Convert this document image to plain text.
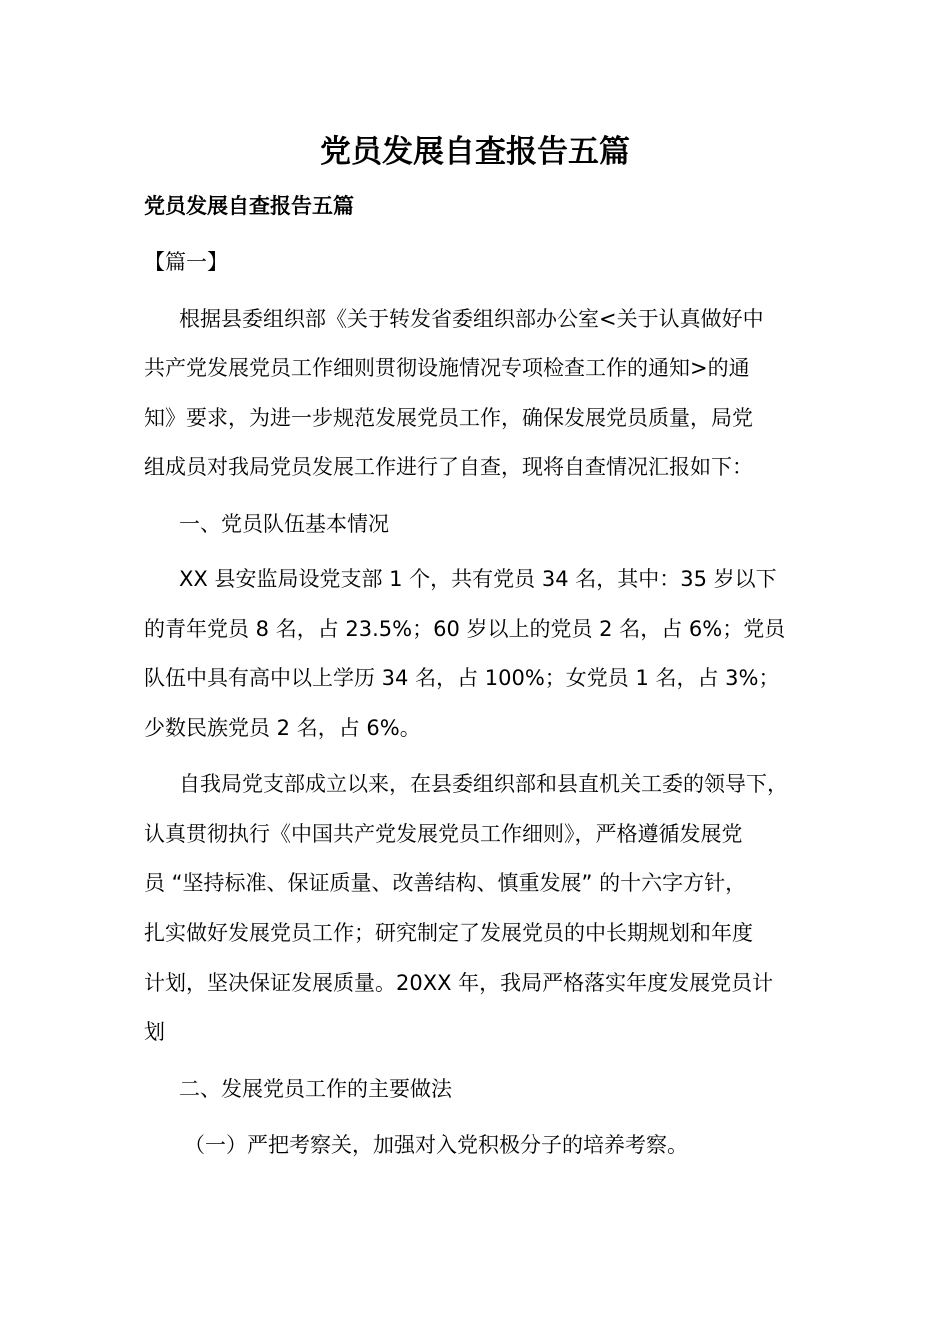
党员发展自查报告五篇
党员发展自查报告五篇
【篇一】

根据县委组织部《关于转发省委组织部办公室<关于认真做好中

共产党发展党员工作细则贯彻设施情况专项检查工作的通知>的通

知》要求，为进一步规范发展党员工作，确保发展党员质量，局党

组成员对我局党员发展工作进行了自查，现将自查情况汇报如下：

一、党员队伍基本情况

XX 县安监局设党支部 1 个，共有党员 34 名，其中：35 岁以下

的青年党员 8 名，占 23.5%；60 岁以上的党员 2 名，占 6%；党员

队伍中具有高中以上学历 34 名，占 100%；女党员 1 名，占 3%；

少数民族党员 2 名，占 6%。

自我局党支部成立以来，在县委组织部和县直机关工委的领导下，

认真贯彻执行《中国共产党发展党员工作细则》，严格遵循发展党

员 “坚持标准、保证质量、改善结构、慎重发展” 的十六字方针，

扎实做好发展党员工作；研究制定了发展党员的中长期规划和年度

计划，坚决保证发展质量。20XX 年，我局严格落实年度发展党员计

划

二、发展党员工作的主要做法

（一）严把考察关，加强对入党积极分子的培养考察。
